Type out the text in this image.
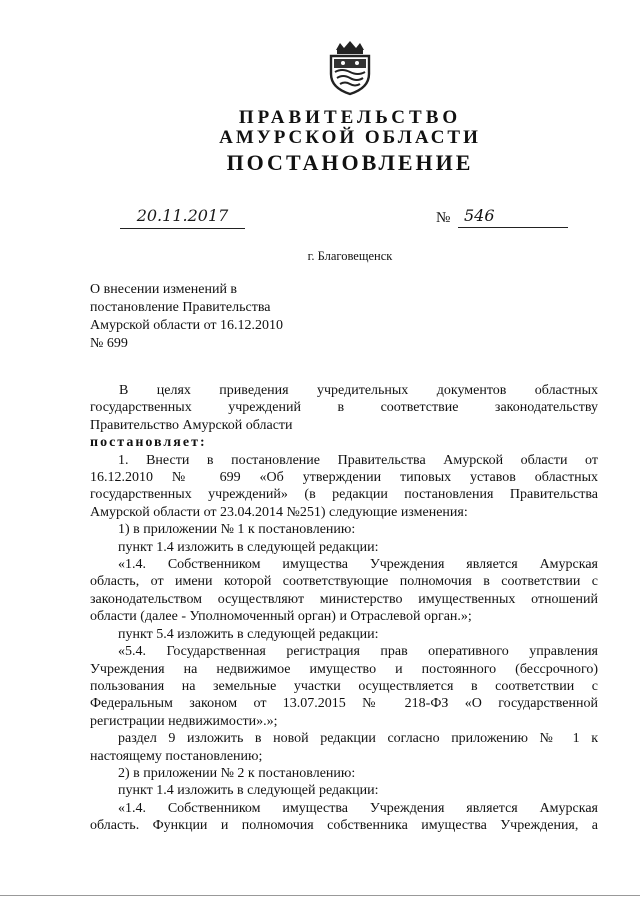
ПРАВИТЕЛЬСТВО
АМУРСКОЙ ОБЛАСТИ
ПОСТАНОВЛЕНИЕ
20.11.2017	№ 546
г. Благовещенск
О внесении изменений в
постановление Правительства
Амурской области от 16.12.2010
№ 699
В целях приведения учредительных документов областных
государственных учреждений в соответствие законодательству
Правительство Амурской области
постановляет:
1. Внести в постановление Правительства Амурской области от
16.12.2010 № 699 «Об утверждении типовых уставов областных
государственных учреждений» (в редакции постановления Правительства
Амурской области от 23.04.2014 №251) следующие изменения:
1) в приложении № 1 к постановлению:
пункт 1.4 изложить в следующей редакции:
«1.4. Собственником имущества Учреждения является Амурская
область, от имени которой соответствующие полномочия в соответствии с
законодательством осуществляют министерство имущественных отношений
области (далее - Уполномоченный орган) и Отраслевой орган.»;
пункт 5.4 изложить в следующей редакции:
«5.4. Государственная регистрация прав оперативного управления
Учреждения на недвижимое имущество и постоянного (бессрочного)
пользования на земельные участки осуществляется в соответствии с
Федеральным законом от 13.07.2015 № 218-ФЗ «О государственной
регистрации недвижимости».»;
раздел 9 изложить в новой редакции согласно приложению № 1 к
настоящему постановлению;
2) в приложении № 2 к постановлению:
пункт 1.4 изложить в следующей редакции:
«1.4. Собственником имущества Учреждения является Амурская
область. Функции и полномочия собственника имущества Учреждения, а
